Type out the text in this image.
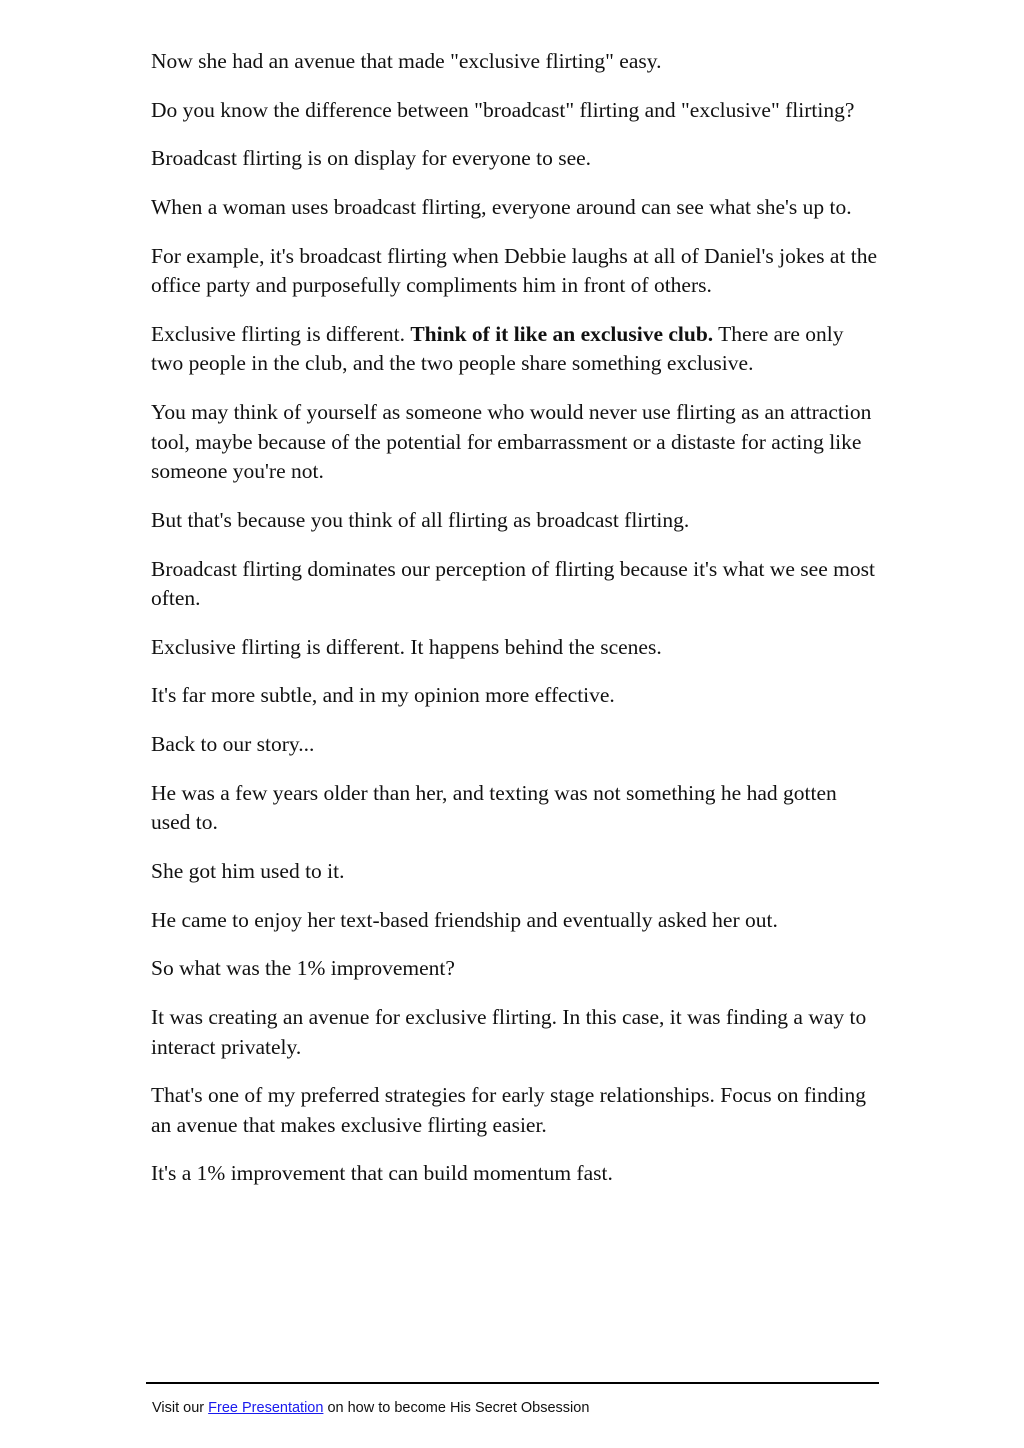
Now she had an avenue that made "exclusive flirting" easy.

Do you know the difference between "broadcast" flirting and "exclusive" flirting?

Broadcast flirting is on display for everyone to see.

When a woman uses broadcast flirting, everyone around can see what she's up to.

For example, it's broadcast flirting when Debbie laughs at all of Daniel's jokes at the office party and purposefully compliments him in front of others.

Exclusive flirting is different. Think of it like an exclusive club. There are only two people in the club, and the two people share something exclusive.

You may think of yourself as someone who would never use flirting as an attraction tool, maybe because of the potential for embarrassment or a distaste for acting like someone you're not.

But that's because you think of all flirting as broadcast flirting.

Broadcast flirting dominates our perception of flirting because it's what we see most often.

Exclusive flirting is different. It happens behind the scenes.

It's far more subtle, and in my opinion more effective.

Back to our story...

He was a few years older than her, and texting was not something he had gotten used to.

She got him used to it.

He came to enjoy her text-based friendship and eventually asked her out.

So what was the 1% improvement?

It was creating an avenue for exclusive flirting. In this case, it was finding a way to interact privately.

That's one of my preferred strategies for early stage relationships. Focus on finding an avenue that makes exclusive flirting easier.

It's a 1% improvement that can build momentum fast.

Visit our Free Presentation on how to become His Secret Obsession
